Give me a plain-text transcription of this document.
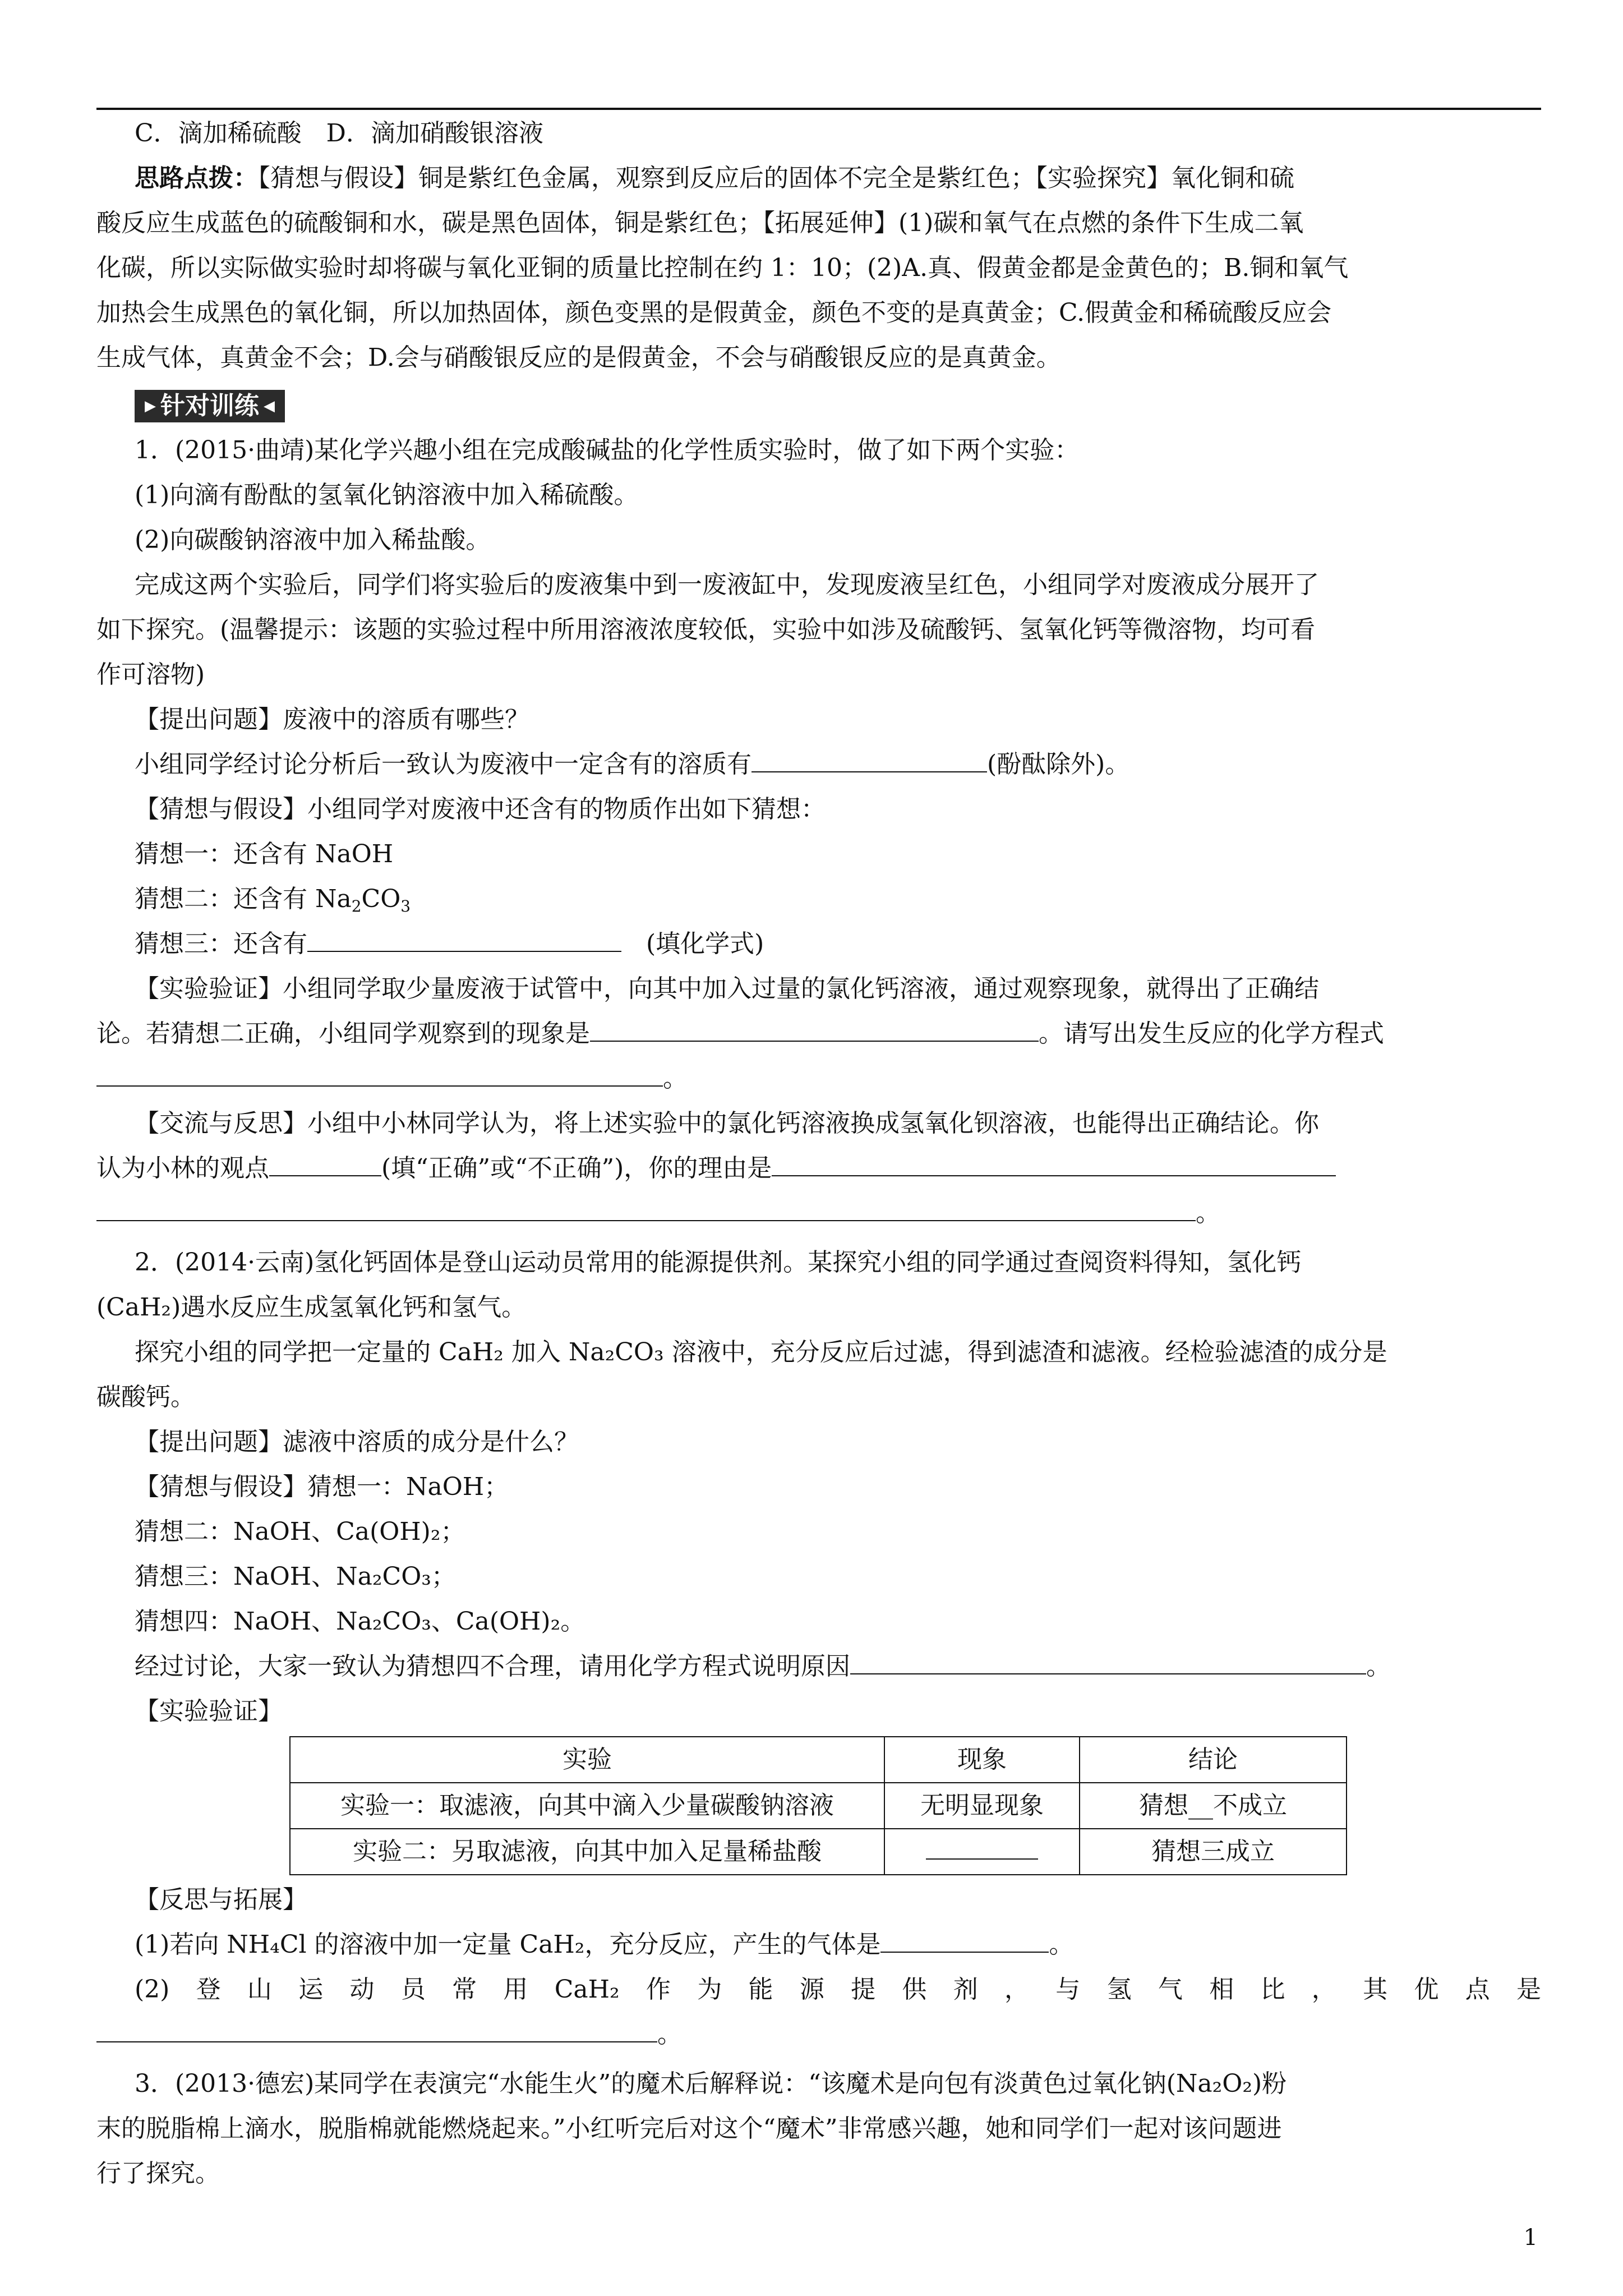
C．滴加稀硫酸　D．滴加硝酸银溶液

思路点拨：【猜想与假设】铜是紫红色金属，观察到反应后的固体不完全是紫红色；【实验探究】氧化铜和硫

酸反应生成蓝色的硫酸铜和水，碳是黑色固体，铜是紫红色；【拓展延伸】(1)碳和氧气在点燃的条件下生成二氧

化碳，所以实际做实验时却将碳与氧化亚铜的质量比控制在约 1：10；(2)A.真、假黄金都是金黄色的；B.铜和氧气

加热会生成黑色的氧化铜，所以加热固体，颜色变黑的是假黄金，颜色不变的是真黄金；C.假黄金和稀硫酸反应会

生成气体，真黄金不会；D.会与硝酸银反应的是假黄金，不会与硝酸银反应的是真黄金。

▶ 针对训练 ◀

1．(2015·曲靖)某化学兴趣小组在完成酸碱盐的化学性质实验时，做了如下两个实验：

(1)向滴有酚酞的氢氧化钠溶液中加入稀硫酸。

(2)向碳酸钠溶液中加入稀盐酸。

完成这两个实验后，同学们将实验后的废液集中到一废液缸中，发现废液呈红色，小组同学对废液成分展开了

如下探究。(温馨提示：该题的实验过程中所用溶液浓度较低，实验中如涉及硫酸钙、氢氧化钙等微溶物，均可看

作可溶物)

【提出问题】废液中的溶质有哪些？

小组同学经讨论分析后一致认为废液中一定含有的溶质有	(酚酞除外)。

【猜想与假设】小组同学对废液中还含有的物质作出如下猜想：

猜想一：还含有 NaOH

猜想二：还含有 $Na_2CO_3$

猜想三：还含有	　(填化学式)

【实验验证】小组同学取少量废液于试管中，向其中加入过量的氯化钙溶液，通过观察现象，就得出了正确结

论。若猜想二正确，小组同学观察到的现象是	。请写出发生反应的化学方程式

。

【交流与反思】小组中小林同学认为，将上述实验中的氯化钙溶液换成氢氧化钡溶液，也能得出正确结论。你

认为小林的观点	(填“正确”或“不正确”)，你的理由是

。

2．(2014·云南)氢化钙固体是登山运动员常用的能源提供剂。某探究小组的同学通过查阅资料得知，氢化钙

(CaH₂)遇水反应生成氢氧化钙和氢气。

探究小组的同学把一定量的 CaH₂ 加入 Na₂CO₃ 溶液中，充分反应后过滤，得到滤渣和滤液。经检验滤渣的成分是

碳酸钙。

【提出问题】滤液中溶质的成分是什么？

【猜想与假设】猜想一：NaOH；

猜想二：NaOH、Ca(OH)₂；

猜想三：NaOH、Na₂CO₃；

猜想四：NaOH、Na₂CO₃、Ca(OH)₂。

经过讨论，大家一致认为猜想四不合理，请用化学方程式说明原因	。

【实验验证】

实验	现象	结论
实验一：取滤液，向其中滴入少量碳酸钠溶液	无明显现象	猜想__不成立
实验二：另取滤液，向其中加入足量稀盐酸		猜想三成立

【反思与拓展】

(1)若向 NH₄Cl 的溶液中加一定量 CaH₂，充分反应，产生的气体是	。

(2) 登 山 运 动 员 常 用 CaH₂ 作 为 能 源 提 供 剂 ， 与 氢 气 相 比 ， 其 优 点 是

。

3．(2013·德宏)某同学在表演完“水能生火”的魔术后解释说：“该魔术是向包有淡黄色过氧化钠(Na₂O₂)粉

末的脱脂棉上滴水，脱脂棉就能燃烧起来。”小红听完后对这个“魔术”非常感兴趣，她和同学们一起对该问题进

行了探究。

1
